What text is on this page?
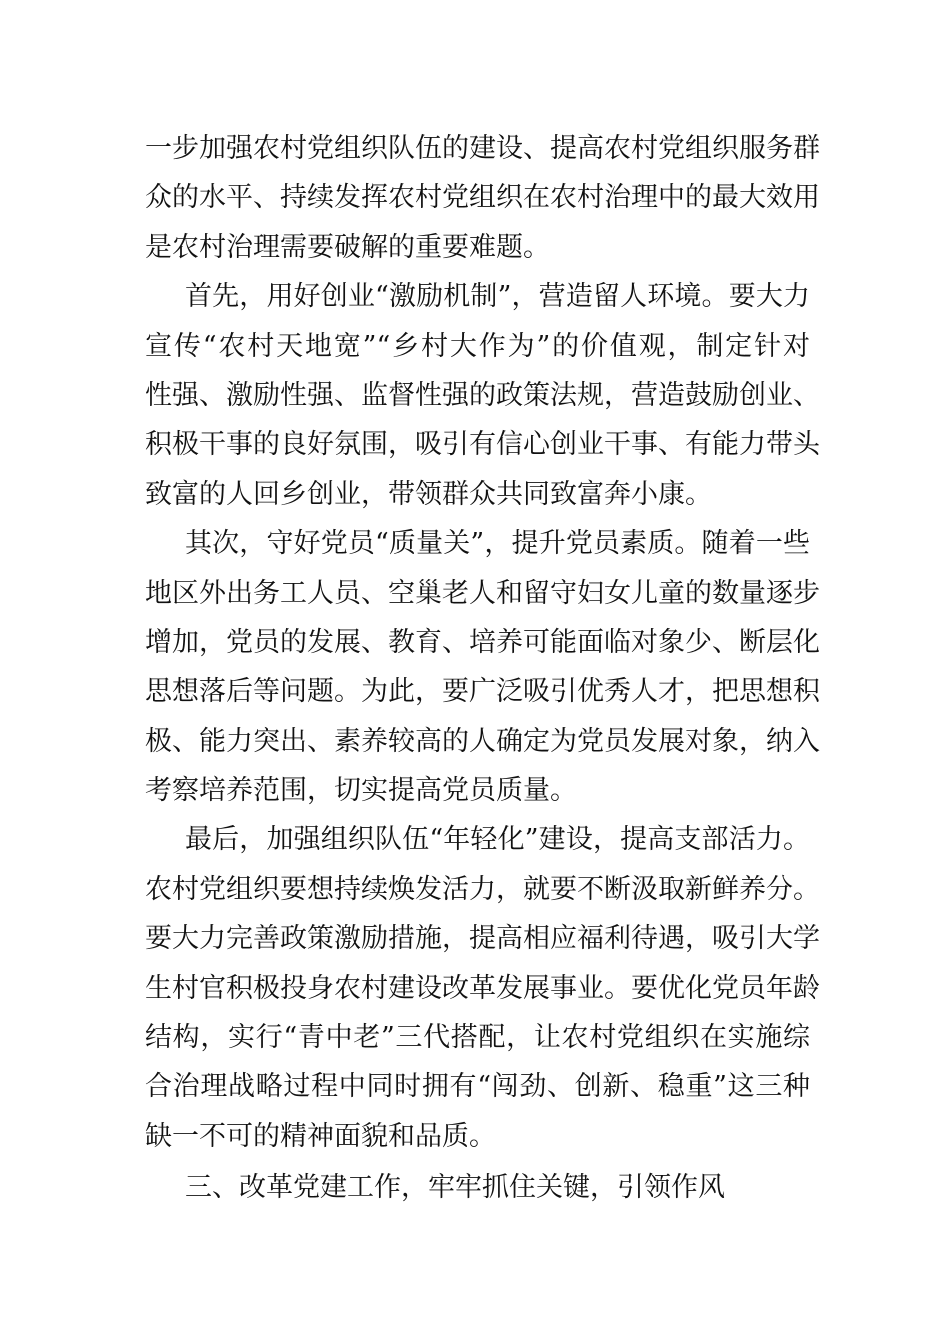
一步加强农村党组织队伍的建设、提高农村党组织服务群
众的水平、持续发挥农村党组织在农村治理中的最大效用
是农村治理需要破解的重要难题。
首先，用好创业“激励机制”，营造留人环境。要大力
宣传“农村天地宽”“乡村大作为”的价值观，制定针对
性强、激励性强、监督性强的政策法规，营造鼓励创业、
积极干事的良好氛围，吸引有信心创业干事、有能力带头
致富的人回乡创业，带领群众共同致富奔小康。
其次，守好党员“质量关”，提升党员素质。随着一些
地区外出务工人员、空巢老人和留守妇女儿童的数量逐步
增加，党员的发展、教育、培养可能面临对象少、断层化
思想落后等问题。为此，要广泛吸引优秀人才，把思想积
极、能力突出、素养较高的人确定为党员发展对象，纳入
考察培养范围，切实提高党员质量。
最后，加强组织队伍“年轻化”建设，提高支部活力。
农村党组织要想持续焕发活力，就要不断汲取新鲜养分。
要大力完善政策激励措施，提高相应福利待遇，吸引大学
生村官积极投身农村建设改革发展事业。要优化党员年龄
结构，实行“青中老”三代搭配，让农村党组织在实施综
合治理战略过程中同时拥有“闯劲、创新、稳重”这三种
缺一不可的精神面貌和品质。
三、改革党建工作，牢牢抓住关键，引领作风
